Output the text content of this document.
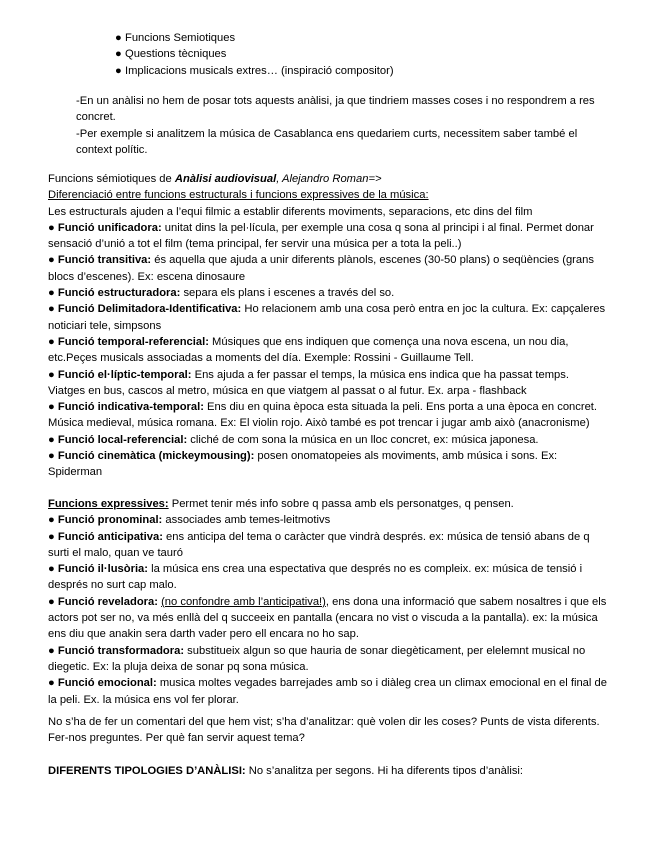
● Funcions Semiotiques
● Questions tècniques
● Implicacions musicals extres… (inspiració compositor)

-En un anàlisi no hem de posar tots aquests anàlisi, ja que tindriem masses coses i no respondrem a res concret.

-Per exemple si analitzem la música de Casablanca ens quedariem curts, necessitem saber també el context polític.

Funcions sémiotiques de Anàlisi audiovisual, Alejandro Roman=>

Diferenciació entre funcions estructurals i funcions expressives de la música:

Les estructurals ajuden a l’equi filmic a establir diferents moviments, separacions, etc dins del film

● Funció unificadora: unitat dins la pel·lícula, per exemple una cosa q sona al principi i al final. Permet donar sensació d’unió a tot el film (tema principal, fer servir una música per a tota la peli..)

● Funció transitiva: és aquella que ajuda a unir diferents plànols, escenes (30-50 plans) o seqüències (grans blocs d’escenes). Ex: escena dinosaure

● Funció estructuradora: separa els plans i escenes a través del so.

● Funció Delimitadora-Identificativa: Ho relacionem amb una cosa però entra en joc la cultura. Ex: capçaleres noticiari tele, simpsons

● Funció temporal-referencial: Músiques que ens indiquen que comença una nova escena, un nou dia, etc.Peçes musicals associadas a moments del día. Exemple: Rossini - Guillaume Tell.

● Funció el·líptic-temporal: Ens ajuda a fer passar el temps, la música ens indica que ha passat temps. Viatges en bus, cascos al metro, música en que viatgem al passat o al futur. Ex. arpa - flashback

● Funció indicativa-temporal: Ens diu en quina època esta situada la peli. Ens porta a una època en concret. Música medieval, música romana. Ex: El violin rojo. Això també es pot trencar i jugar amb això (anacronisme)

● Funció local-referencial: cliché de com sona la música en un lloc concret, ex: música japonesa.

● Funció cinemàtica (mickeymousing): posen onomatopeies als moviments, amb música i sons. Ex: Spiderman

Funcions expressives: Permet tenir més info sobre q passa amb els personatges, q pensen.

● Funció pronominal: associades amb temes-leitmotivs

● Funció anticipativa: ens anticipa del tema o caràcter que vindrà després. ex: música de tensió abans de q surti el malo, quan ve tauró

● Funció il·lusòria: la música ens crea una espectativa que després no es compleix. ex: música de tensió i després no surt cap malo.

● Funció reveladora: (no confondre amb l’anticipativa!), ens dona una informació que sabem nosaltres i que els actors pot ser no, va més enllà del q succeeix en pantalla (encara no vist o viscuda a la pantalla). ex: la música ens diu que anakin sera darth vader pero ell encara no ho sap.

● Funció transformadora: substitueix algun so que hauria de sonar diegèticament, per elelemnt musical no diegetic. Ex: la pluja deixa de sonar pq sona música.

● Funció emocional: musica moltes vegades barrejades amb so i diàleg crea un climax emocional en el final de la peli. Ex. la música ens vol fer plorar.

No s’ha de fer un comentari del que hem vist; s’ha d’analitzar: què volen dir les coses? Punts de vista diferents. Fer-nos preguntes. Per què fan servir aquest tema?

DIFERENTS TIPOLOGIES D’ANÀLISI: No s’analitza per segons. Hi ha diferents tipos d’anàlisi:
